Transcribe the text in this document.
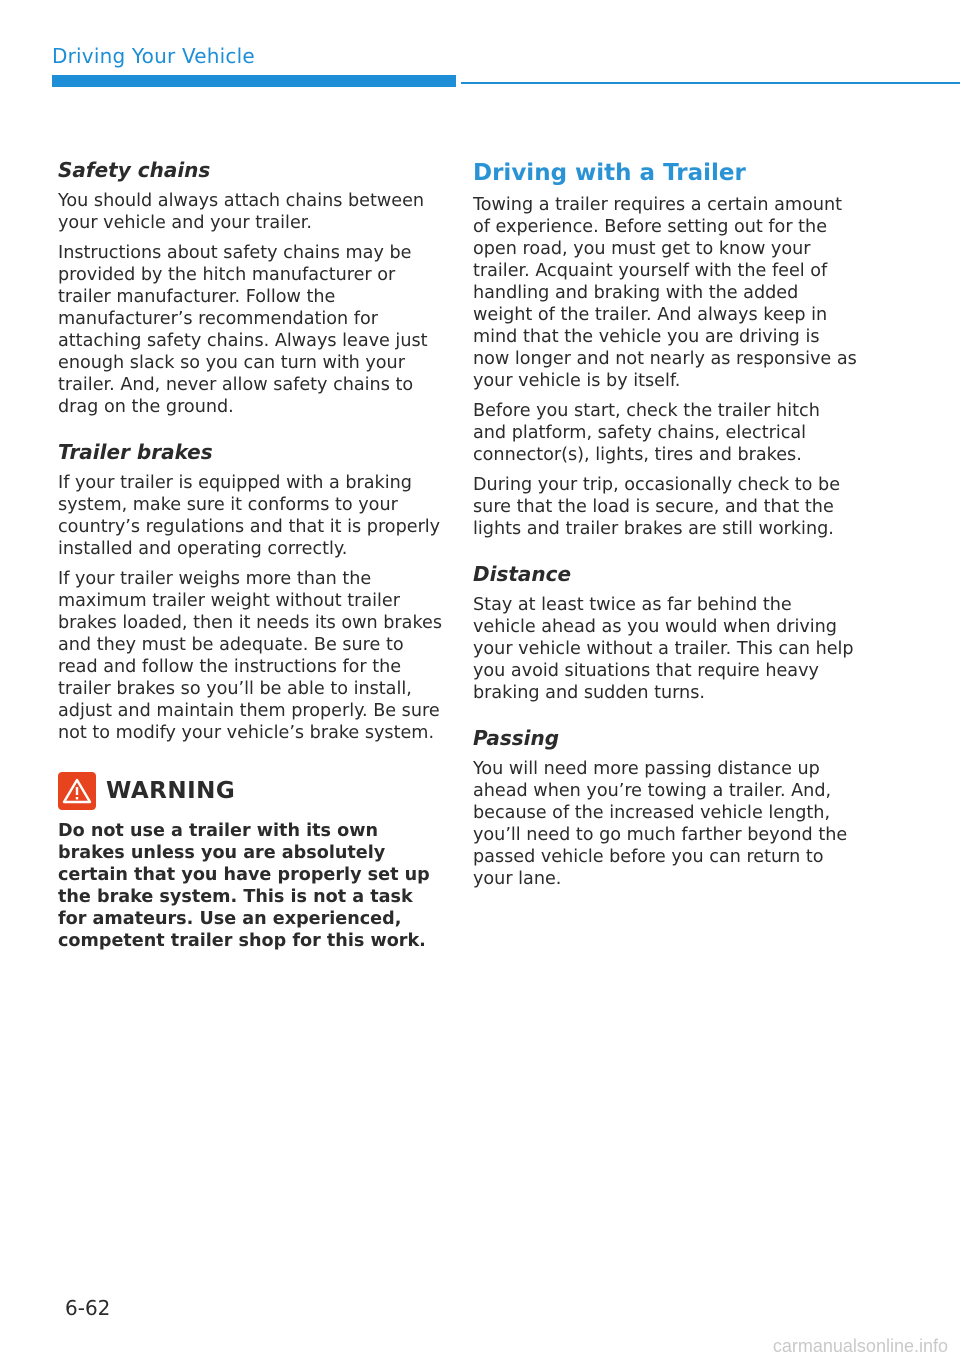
Driving Your Vehicle
Safety chains

You should always attach chains between your vehicle and your trailer.

Instructions about safety chains may be provided by the hitch manufacturer or trailer manufacturer. Follow the manufacturer’s recommendation for attaching safety chains. Always leave just enough slack so you can turn with your trailer. And, never allow safety chains to drag on the ground.

Trailer brakes

If your trailer is equipped with a braking system, make sure it conforms to your country’s regulations and that it is properly installed and operating correctly.

If your trailer weighs more than the maximum trailer weight without trailer brakes loaded, then it needs its own brakes and they must be adequate. Be sure to read and follow the instructions for the trailer brakes so you’ll be able to install, adjust and maintain them properly. Be sure not to modify your vehicle’s brake system.

WARNING

Do not use a trailer with its own brakes unless you are absolutely certain that you have properly set up the brake system. This is not a task for amateurs. Use an experienced, competent trailer shop for this work.

Driving with a Trailer

Towing a trailer requires a certain amount of experience. Before setting out for the open road, you must get to know your trailer. Acquaint yourself with the feel of handling and braking with the added weight of the trailer. And always keep in mind that the vehicle you are driving is now longer and not nearly as responsive as your vehicle is by itself.

Before you start, check the trailer hitch and platform, safety chains, electrical connector(s), lights, tires and brakes.

During your trip, occasionally check to be sure that the load is secure, and that the lights and trailer brakes are still working.

Distance

Stay at least twice as far behind the vehicle ahead as you would when driving your vehicle without a trailer. This can help you avoid situations that require heavy braking and sudden turns.

Passing

You will need more passing distance up ahead when you’re towing a trailer. And, because of the increased vehicle length, you’ll need to go much farther beyond the passed vehicle before you can return to your lane.

6-62
carmanualsonline.info
